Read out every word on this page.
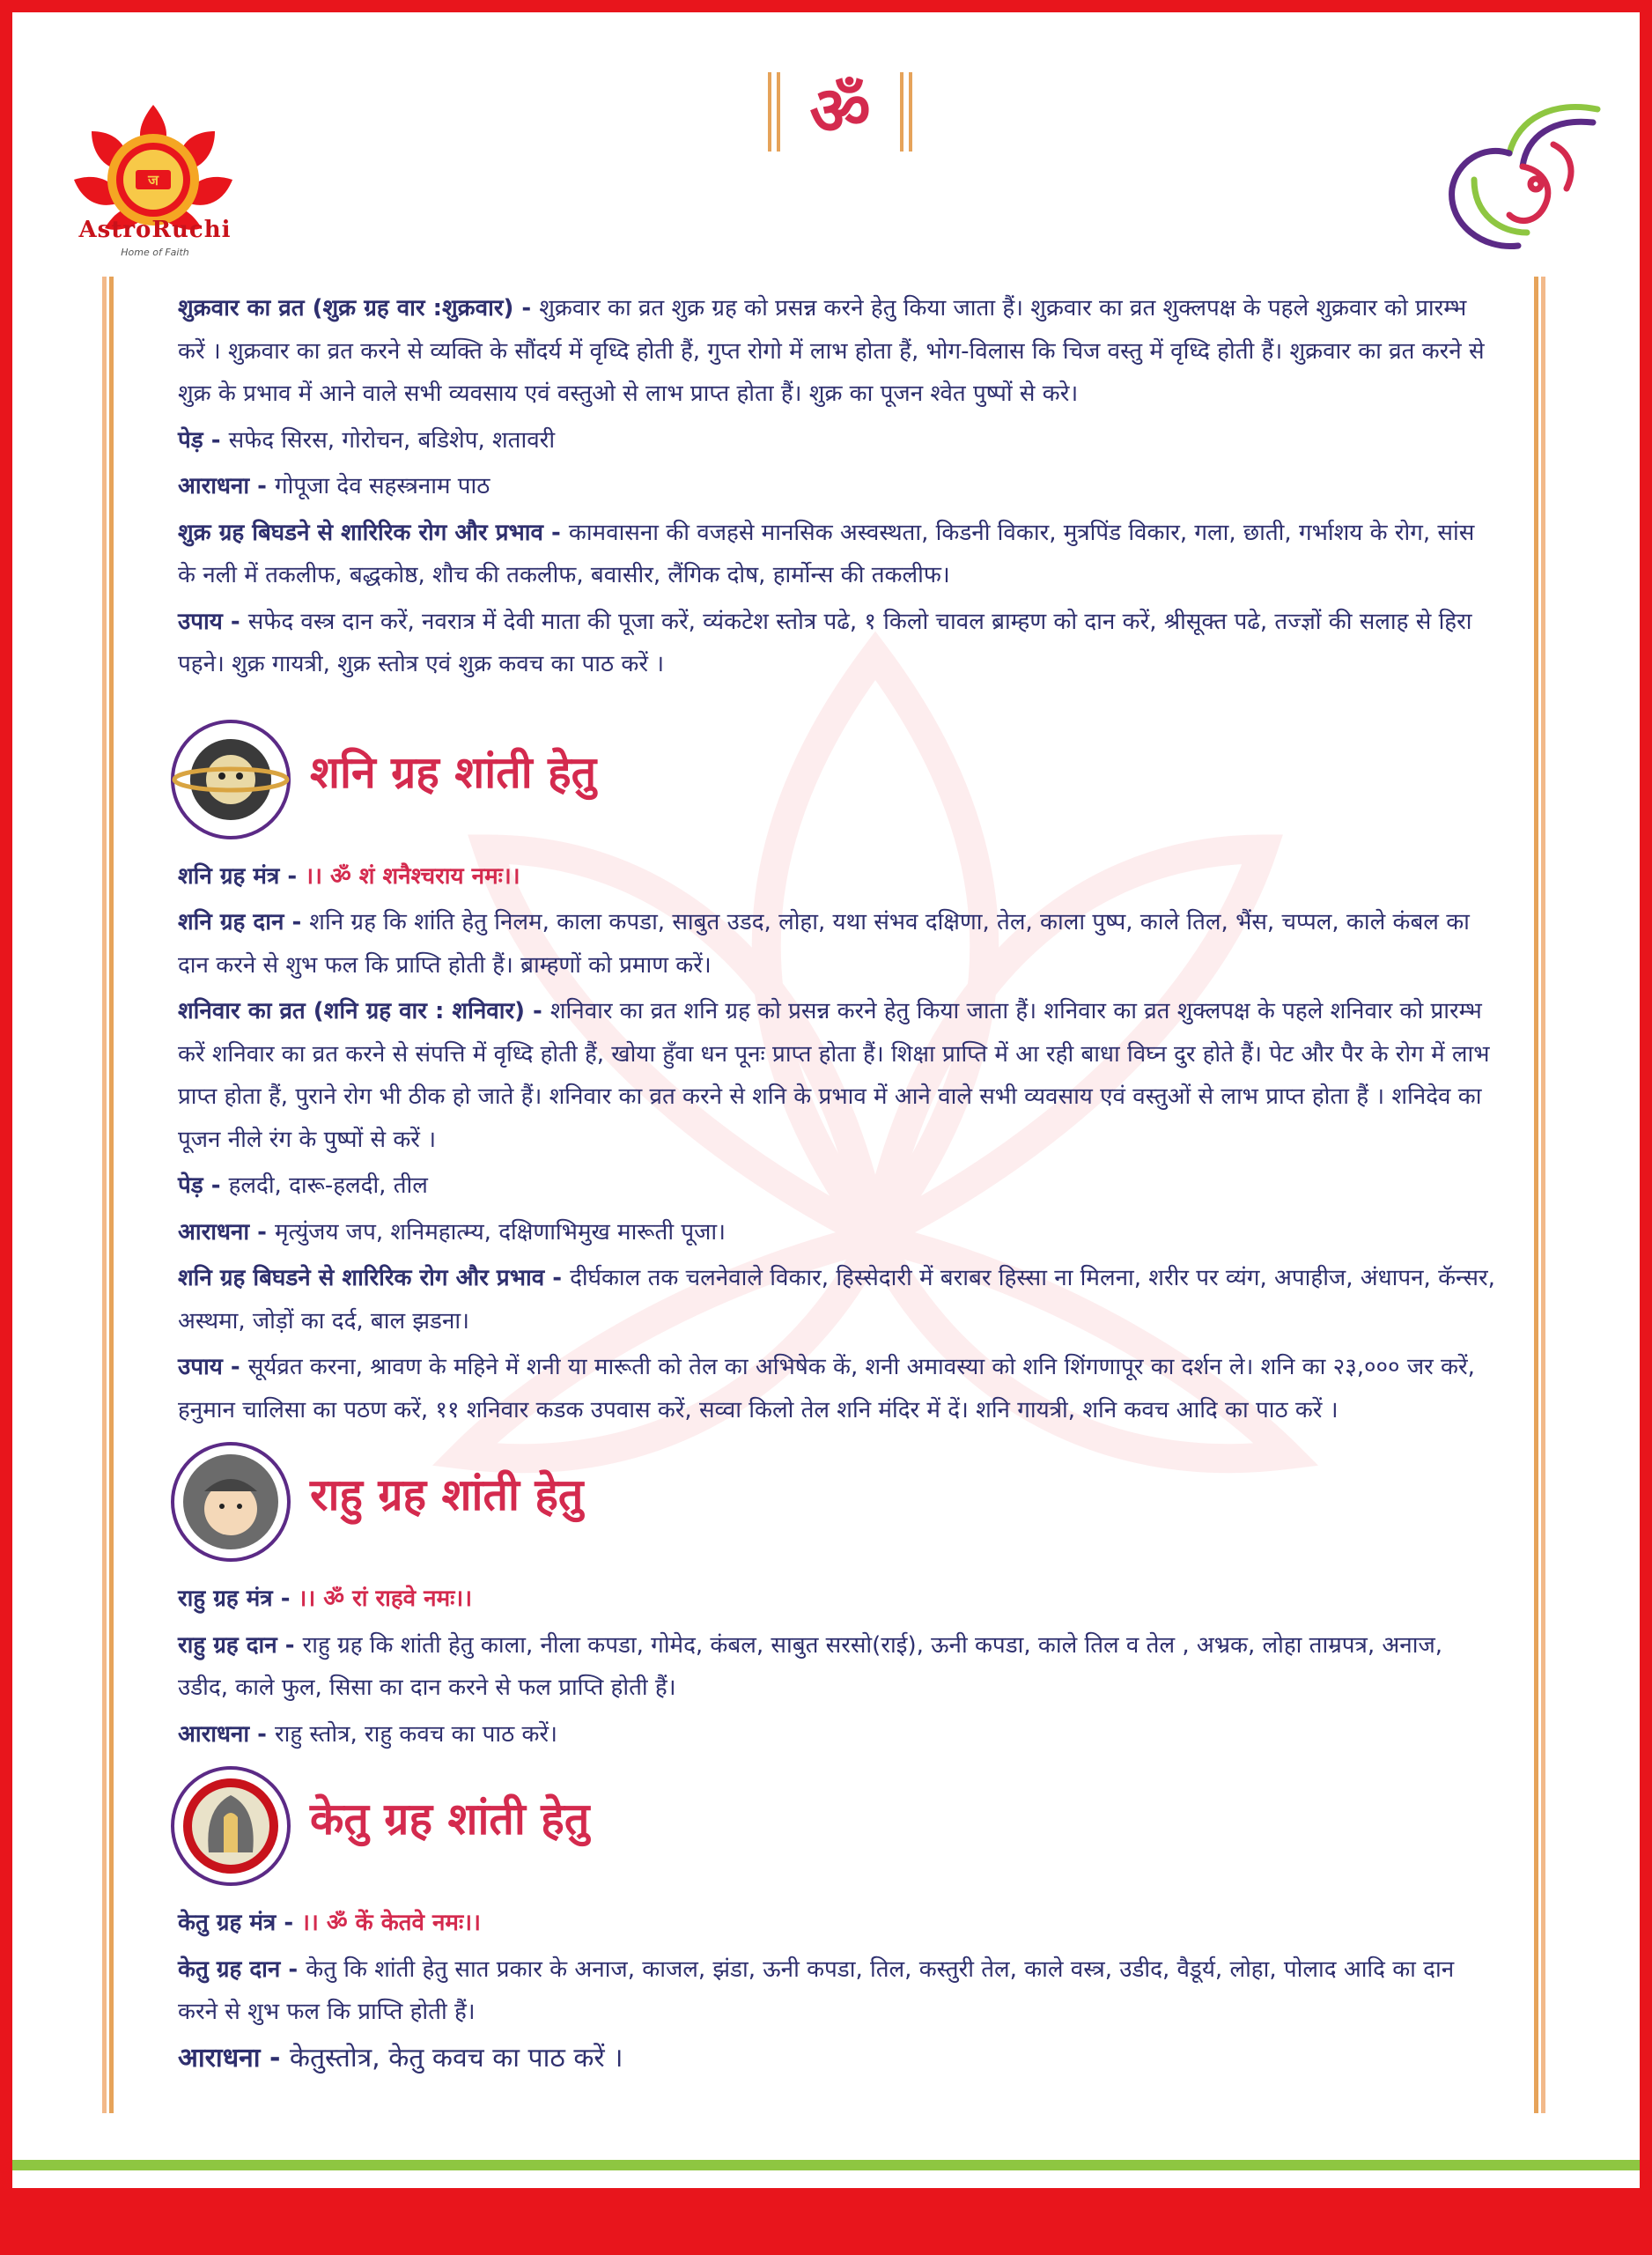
ज
AstroRuchi
Home of Faith
ॐ

शुक्रवार का व्रत (शुक्र ग्रह वार :शुक्रवार) - शुक्रवार का व्रत शुक्र ग्रह को प्रसन्न करने हेतु किया जाता हैं। शुक्रवार का व्रत शुक्लपक्ष के पहले शुक्रवार को प्रारम्भ करें । शुक्रवार का व्रत करने से व्यक्ति के सौंदर्य में वृध्दि होती हैं, गुप्त रोगो में लाभ होता हैं, भोग-विलास कि चिज वस्तु में वृध्दि होती हैं। शुक्रवार का व्रत करने से शुक्र के प्रभाव में आने वाले सभी व्यवसाय एवं वस्तुओ से लाभ प्राप्त होता हैं। शुक्र का पूजन श्वेत पुष्पों से करे।

पेड़ - सफेद सिरस, गोरोचन, बडिशेप, शतावरी

आराधना - गोपूजा देव सहस्त्रनाम पाठ

शुक्र ग्रह बिघडने से शारिरिक रोग और प्रभाव - कामवासना की वजहसे मानसिक अस्वस्थता, किडनी विकार, मुत्रपिंड विकार, गला, छाती, गर्भाशय के रोग, सांस के नली में तकलीफ, बद्धकोष्ठ, शौच की तकलीफ, बवासीर, लैंगिक दोष, हार्मोन्स की तकलीफ।

उपाय - सफेद वस्त्र दान करें, नवरात्र में देवी माता की पूजा करें, व्यंकटेश स्तोत्र पढे, १ किलो चावल ब्राम्हण को दान करें, श्रीसूक्त पढे, तज्ज्ञों की सलाह से हिरा पहने। शुक्र गायत्री, शुक्र स्तोत्र एवं शुक्र कवच का पाठ करें ।

शनि ग्रह शांती हेतु

शनि ग्रह मंत्र - ।। ॐ शं शनैश्चराय नमः।।

शनि ग्रह दान - शनि ग्रह कि शांति हेतु निलम, काला कपडा, साबुत उडद, लोहा, यथा संभव दक्षिणा, तेल, काला पुष्प, काले तिल, भैंस, चप्पल, काले कंबल का दान करने से शुभ फल कि प्राप्ति होती हैं। ब्राम्हणों को प्रमाण करें।

शनिवार का व्रत (शनि ग्रह वार : शनिवार) - शनिवार का व्रत शनि ग्रह को प्रसन्न करने हेतु किया जाता हैं। शनिवार का व्रत शुक्लपक्ष के पहले शनिवार को प्रारम्भ करें शनिवार का व्रत करने से संपत्ति में वृध्दि होती हैं, खोया हुँवा धन पूनः प्राप्त होता हैं। शिक्षा प्राप्ति में आ रही बाधा विघ्न दुर होते हैं। पेट और पैर के रोग में लाभ प्राप्त होता हैं, पुराने रोग भी ठीक हो जाते हैं। शनिवार का व्रत करने से शनि के प्रभाव में आने वाले सभी व्यवसाय एवं वस्तुओं से लाभ प्राप्त होता हैं । शनिदेव का पूजन नीले रंग के पुष्पों से करें ।

पेड़ - हलदी, दारू-हलदी, तील

आराधना - मृत्युंजय जप, शनिमहात्म्य, दक्षिणाभिमुख मारूती पूजा।

शनि ग्रह बिघडने से शारिरिक रोग और प्रभाव - दीर्घकाल तक चलनेवाले विकार, हिस्सेदारी में बराबर हिस्सा ना मिलना, शरीर पर व्यंग, अपाहीज, अंधापन, कॅन्सर, अस्थमा, जोड़ों का दर्द, बाल झडना।

उपाय - सूर्यव्रत करना, श्रावण के महिने में शनी या मारूती को तेल का अभिषेक कें, शनी अमावस्या को शनि शिंगणापूर का दर्शन ले। शनि का २३,००० जर करें, हनुमान चालिसा का पठण करें, ११ शनिवार कडक उपवास करें, सव्वा किलो तेल शनि मंदिर में दें। शनि गायत्री, शनि कवच आदि का पाठ करें ।

राहु ग्रह शांती हेतु

राहु ग्रह मंत्र - ।। ॐ रां राहवे नमः।।

राहु ग्रह दान - राहु ग्रह कि शांती हेतु काला, नीला कपडा, गोमेद, कंबल, साबुत सरसो(राई), ऊनी कपडा, काले तिल व तेल , अभ्रक, लोहा ताम्रपत्र, अनाज, उडीद, काले फुल, सिसा का दान करने से फल प्राप्ति होती हैं।

आराधना - राहु स्तोत्र, राहु कवच का पाठ करें।

केतु ग्रह शांती हेतु

केतु ग्रह मंत्र - ।। ॐ कें केतवे नमः।।

केतु ग्रह दान - केतु कि शांती हेतु सात प्रकार के अनाज, काजल, झंडा, ऊनी कपडा, तिल, कस्तुरी तेल, काले वस्त्र, उडीद, वैडूर्य, लोहा, पोलाद आदि का दान करने से शुभ फल कि प्राप्ति होती हैं।

आराधना - केतुस्तोत्र, केतु कवच का पाठ करें ।
